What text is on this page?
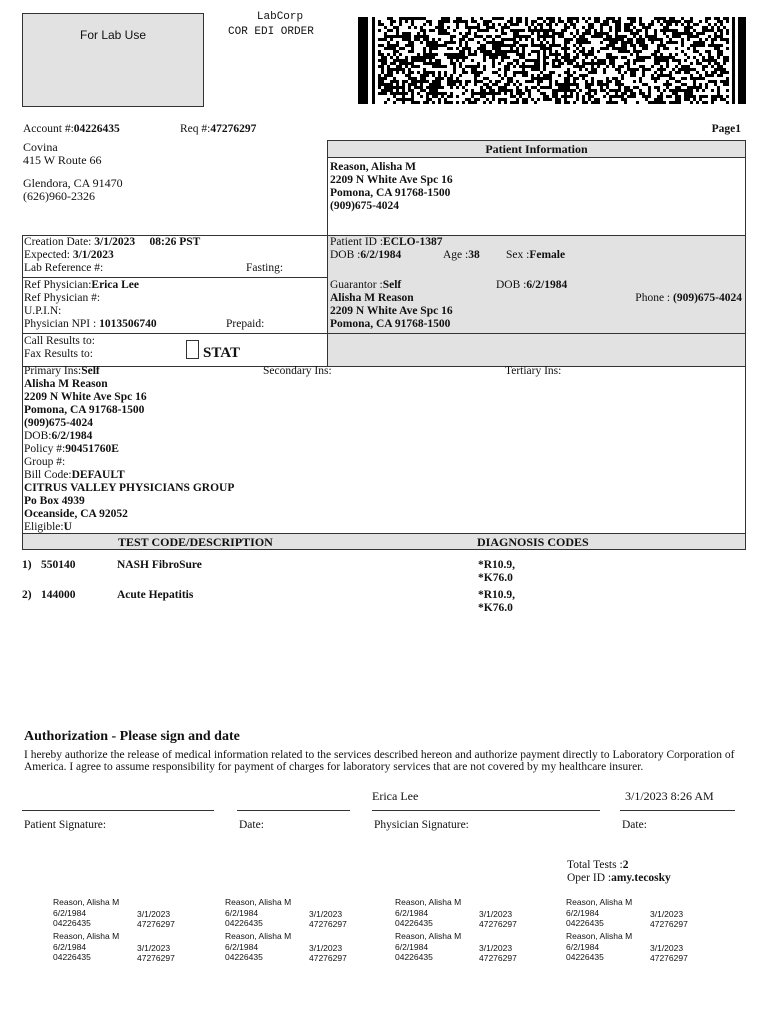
For Lab Use
LabCorp
COR EDI ORDER
Account #:04226435	Req #:47276297	Page1
Covina
415 W Route 66
Glendora, CA 91470
(626)960-2326
Patient Information
Reason, Alisha M
2209 N White Ave Spc 16
Pomona, CA 91768-1500
(909)675-4024
Creation Date: 3/1/2023 08:26 PST
Expected: 3/1/2023
Lab Reference #:	Fasting:
Ref Physician:Erica Lee
Ref Physician #:
U.P.I.N:
Physician NPI : 1013506740	Prepaid:
Patient ID :ECLO-1387
DOB :6/2/1984	Age :38 Sex :Female
Guarantor :Self	DOB :6/2/1984
Alisha M Reason	Phone : (909)675-4024
2209 N White Ave Spc 16
Pomona, CA 91768-1500
Call Results to:
Fax Results to:	STAT
Primary Ins:Self
Alisha M Reason
2209 N White Ave Spc 16
Pomona, CA 91768-1500
(909)675-4024
DOB:6/2/1984
Policy #:90451760E
Group #:
Bill Code:DEFAULT
CITRUS VALLEY PHYSICIANS GROUP
Po Box 4939
Oceanside, CA 92052
Eligible:U
Secondary Ins:	Tertiary Ins:
TEST CODE/DESCRIPTION	DIAGNOSIS CODES
1) 550140	NASH FibroSure	*R10.9,
*K76.0
2) 144000	Acute Hepatitis	*R10.9,
*K76.0
Authorization - Please sign and date
I hereby authorize the release of medical information related to the services described hereon and authorize payment directly to Laboratory Corporation of America. I agree to assume responsibility for payment of charges for laboratory services that are not covered by my healthcare insurer.
Erica Lee	3/1/2023 8:26 AM
Patient Signature:	Date:	Physician Signature:	Date:
Total Tests :2
Oper ID :amy.tecosky
Reason, Alisha M
6/2/1984	3/1/2023
04226435	47276297
Reason, Alisha M
6/2/1984	3/1/2023
04226435	47276297
Reason, Alisha M
6/2/1984	3/1/2023
04226435	47276297
Reason, Alisha M
6/2/1984	3/1/2023
04226435	47276297
Reason, Alisha M
6/2/1984	3/1/2023
04226435	47276297
Reason, Alisha M
6/2/1984	3/1/2023
04226435	47276297
Reason, Alisha M
6/2/1984	3/1/2023
04226435	47276297
Reason, Alisha M
6/2/1984	3/1/2023
04226435	47276297
